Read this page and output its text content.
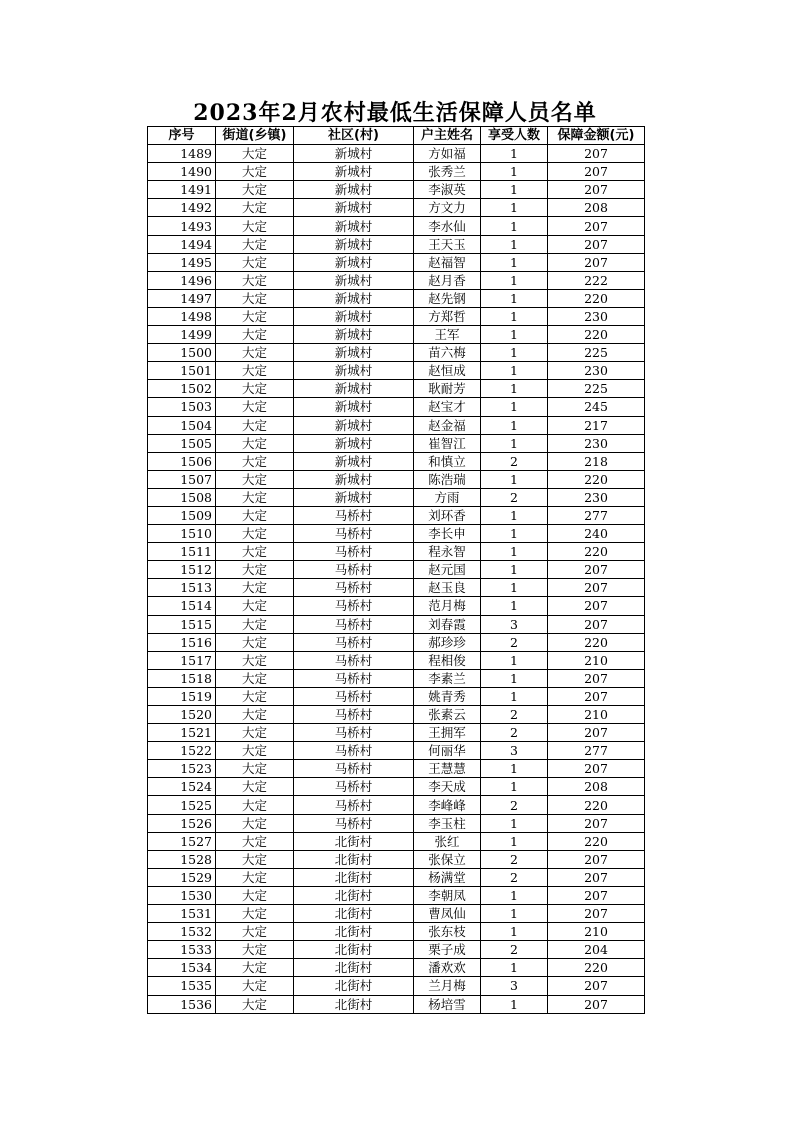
2023年2月农村最低生活保障人员名单
序号	街道(乡镇)	社区(村)	户主姓名	享受人数	保障金额(元)
1489	大定	新城村	方如福	1	207
1490	大定	新城村	张秀兰	1	207
1491	大定	新城村	李淑英	1	207
1492	大定	新城村	方文力	1	208
1493	大定	新城村	李水仙	1	207
1494	大定	新城村	王天玉	1	207
1495	大定	新城村	赵福智	1	207
1496	大定	新城村	赵月香	1	222
1497	大定	新城村	赵先钢	1	220
1498	大定	新城村	方郑哲	1	230
1499	大定	新城村	王军	1	220
1500	大定	新城村	苗六梅	1	225
1501	大定	新城村	赵恒成	1	230
1502	大定	新城村	耿耐芳	1	225
1503	大定	新城村	赵宝才	1	245
1504	大定	新城村	赵金福	1	217
1505	大定	新城村	崔智江	1	230
1506	大定	新城村	和慎立	2	218
1507	大定	新城村	陈浩瑞	1	220
1508	大定	新城村	方雨	2	230
1509	大定	马桥村	刘环香	1	277
1510	大定	马桥村	李长申	1	240
1511	大定	马桥村	程永智	1	220
1512	大定	马桥村	赵元国	1	207
1513	大定	马桥村	赵玉良	1	207
1514	大定	马桥村	范月梅	1	207
1515	大定	马桥村	刘春霞	3	207
1516	大定	马桥村	郝珍珍	2	220
1517	大定	马桥村	程相俊	1	210
1518	大定	马桥村	李素兰	1	207
1519	大定	马桥村	姚青秀	1	207
1520	大定	马桥村	张素云	2	210
1521	大定	马桥村	王拥军	2	207
1522	大定	马桥村	何丽华	3	277
1523	大定	马桥村	王慧慧	1	207
1524	大定	马桥村	李天成	1	208
1525	大定	马桥村	李峰峰	2	220
1526	大定	马桥村	李玉柱	1	207
1527	大定	北街村	张红	1	220
1528	大定	北街村	张保立	2	207
1529	大定	北街村	杨满堂	2	207
1530	大定	北街村	李朝凤	1	207
1531	大定	北街村	曹凤仙	1	207
1532	大定	北街村	张东枝	1	210
1533	大定	北街村	栗子成	2	204
1534	大定	北街村	潘欢欢	1	220
1535	大定	北街村	兰月梅	3	207
1536	大定	北街村	杨培雪	1	207
